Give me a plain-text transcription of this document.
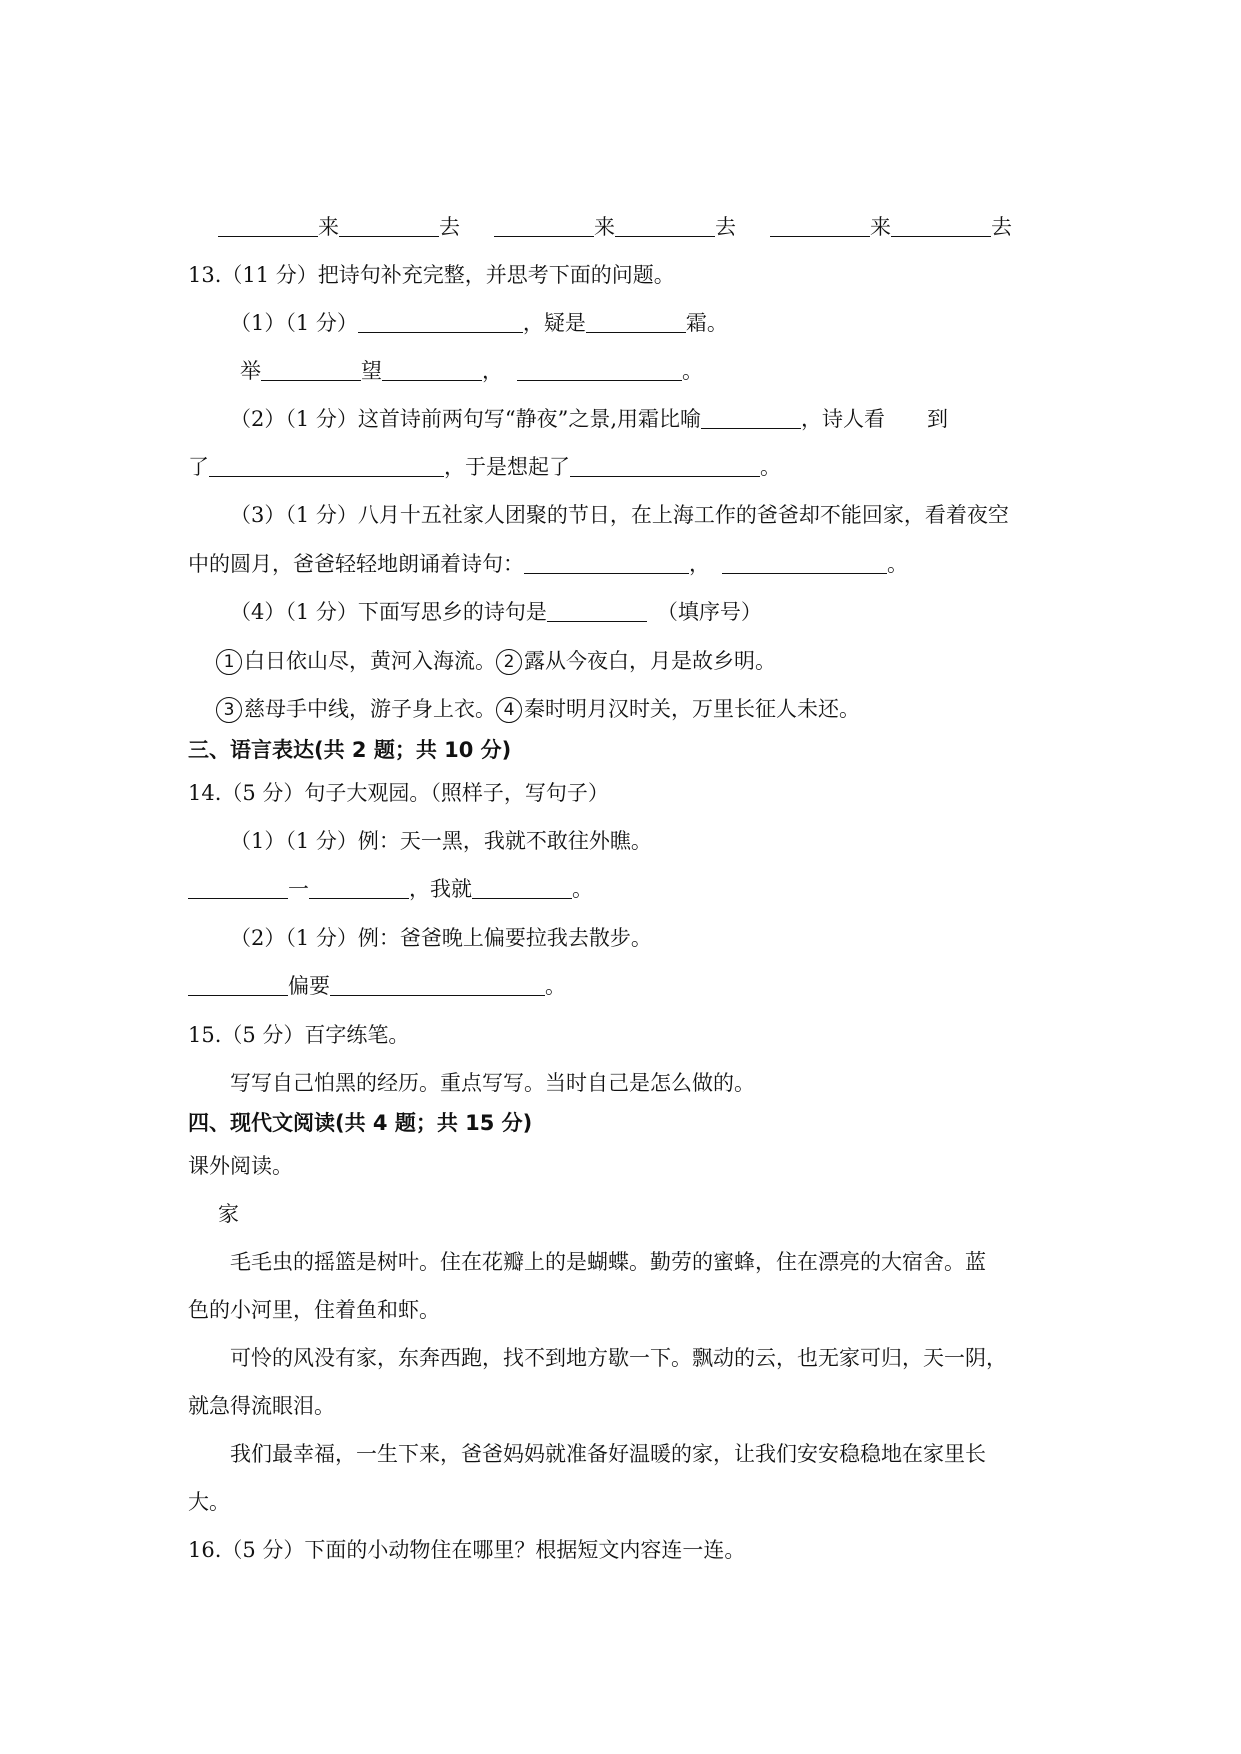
来	去	来	去	来	去
13.（11 分）把诗句补充完整，并思考下面的问题。
（1）（1 分）	，疑是	霜。
举	望	，	。
（2）（1 分）这首诗前两句写“静夜”之景,用霜比喻	，诗人看　　到
了	，于是想起了	。
（3）（1 分）八月十五社家人团聚的节日，在上海工作的爸爸却不能回家，看着夜空
中的圆月，爸爸轻轻地朗诵着诗句：	，	。
（4）（1 分）下面写思乡的诗句是	（填序号）
1 白日依山尽，黄河入海流。 2 露从今夜白，月是故乡明。
3 慈母手中线，游子身上衣。 4 秦时明月汉时关，万里长征人未还。
三、语言表达(共 2 题；共 10 分)
14.（5 分）句子大观园。（照样子，写句子）
（1）（1 分）例：天一黑，我就不敢往外瞧。
一	，我就	。
（2）（1 分）例：爸爸晚上偏要拉我去散步。
偏要	。
15.（5 分）百字练笔。
写写自己怕黑的经历。重点写写。当时自己是怎么做的。
四、现代文阅读(共 4 题；共 15 分)
课外阅读。
家
毛毛虫的摇篮是树叶。住在花瓣上的是蝴蝶。勤劳的蜜蜂，住在漂亮的大宿舍。蓝
色的小河里，住着鱼和虾。
可怜的风没有家，东奔西跑，找不到地方歇一下。飘动的云，也无家可归，天一阴，
就急得流眼泪。
我们最幸福，一生下来，爸爸妈妈就准备好温暖的家，让我们安安稳稳地在家里长
大。
16.（5 分）下面的小动物住在哪里？根据短文内容连一连。
